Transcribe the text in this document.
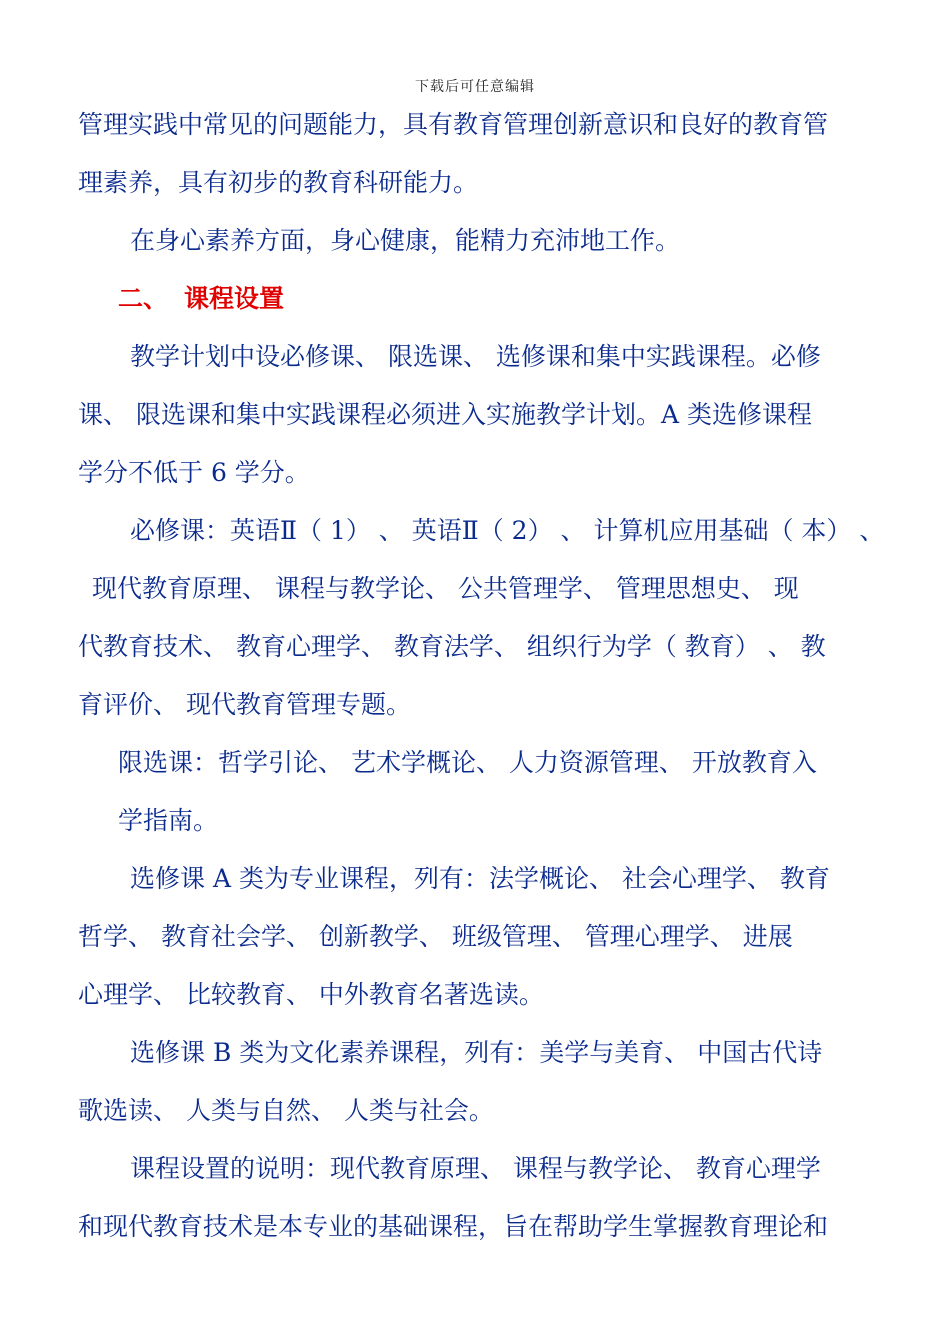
下载后可任意编辑

管理实践中常见的问题能力，具有教育管理创新意识和良好的教育管

理素养，具有初步的教育科研能力。

在身心素养方面，身心健康，能精力充沛地工作。

二、 课程设置

教学计划中设必修课、 限选课、 选修课和集中实践课程。必修

课、 限选课和集中实践课程必须进入实施教学计划。A 类选修课程

学分不低于 6 学分。

必修课：英语Ⅱ（ 1） 、 英语Ⅱ（ 2） 、 计算机应用基础（ 本） 、

现代教育原理、 课程与教学论、 公共管理学、 管理思想史、 现

代教育技术、 教育心理学、 教育法学、 组织行为学（ 教育） 、 教

育评价、 现代教育管理专题。

限选课：哲学引论、 艺术学概论、 人力资源管理、 开放教育入

学指南。

选修课 A 类为专业课程，列有：法学概论、 社会心理学、 教育

哲学、 教育社会学、 创新教学、 班级管理、 管理心理学、 进展

心理学、 比较教育、 中外教育名著选读。

选修课 B 类为文化素养课程，列有：美学与美育、 中国古代诗

歌选读、 人类与自然、 人类与社会。

课程设置的说明：现代教育原理、 课程与教学论、 教育心理学

和现代教育技术是本专业的基础课程，旨在帮助学生掌握教育理论和
